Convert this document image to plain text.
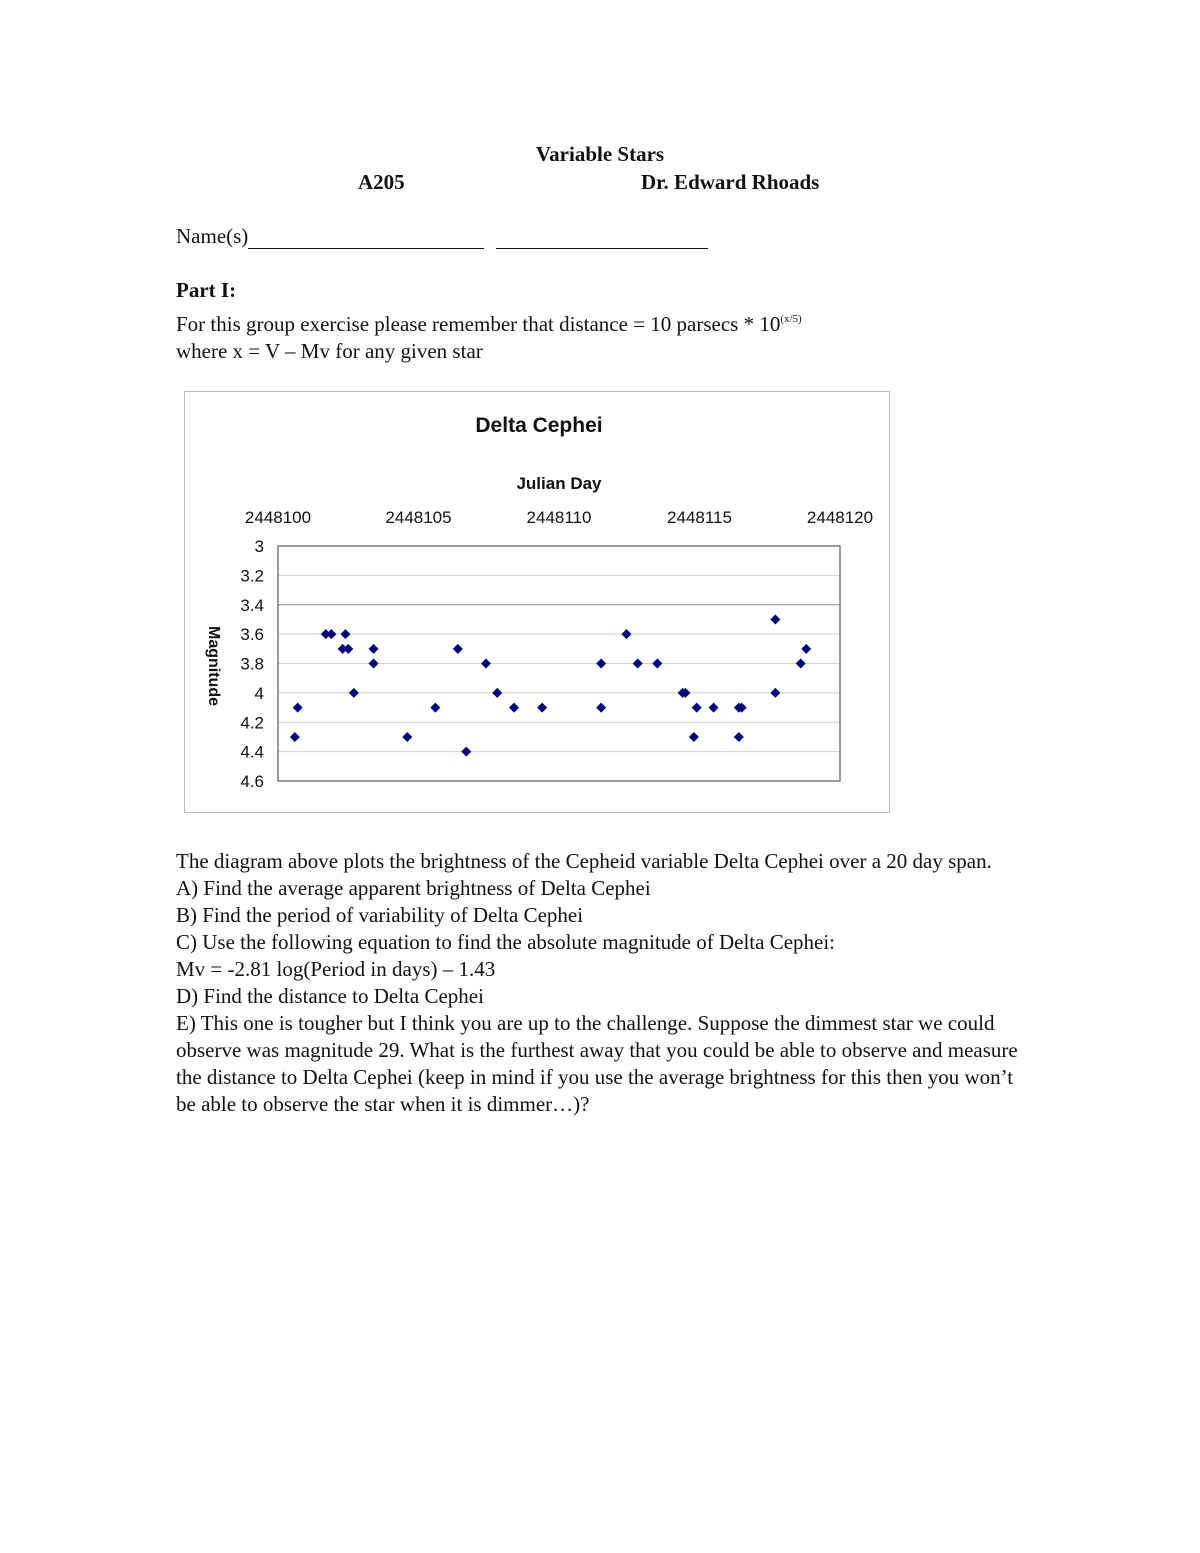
Variable Stars
A205	Dr. Edward Rhoads
Name(s)
Part I:
For this group exercise please remember that distance = 10 parsecs * $10^{(x/5)}$
where x = V – Mv for any given star
Delta Cephei
Julian Day
Magnitude
3
3.2
3.4
3.6
3.8
4
4.2
4.4
4.6
2448100	2448105	2448110	2448115	2448120

The diagram above plots the brightness of the Cepheid variable Delta Cephei over a 20 day span.

A) Find the average apparent brightness of Delta Cephei

B) Find the period of variability of Delta Cephei

C) Use the following equation to find the absolute magnitude of Delta Cephei:

Mv = -2.81 log(Period in days) – 1.43

D) Find the distance to Delta Cephei

E) This one is tougher but I think you are up to the challenge. Suppose the dimmest star we could observe was magnitude 29. What is the furthest away that you could be able to observe and measure the distance to Delta Cephei (keep in mind if you use the average brightness for this then you won’t be able to observe the star when it is dimmer…)?
